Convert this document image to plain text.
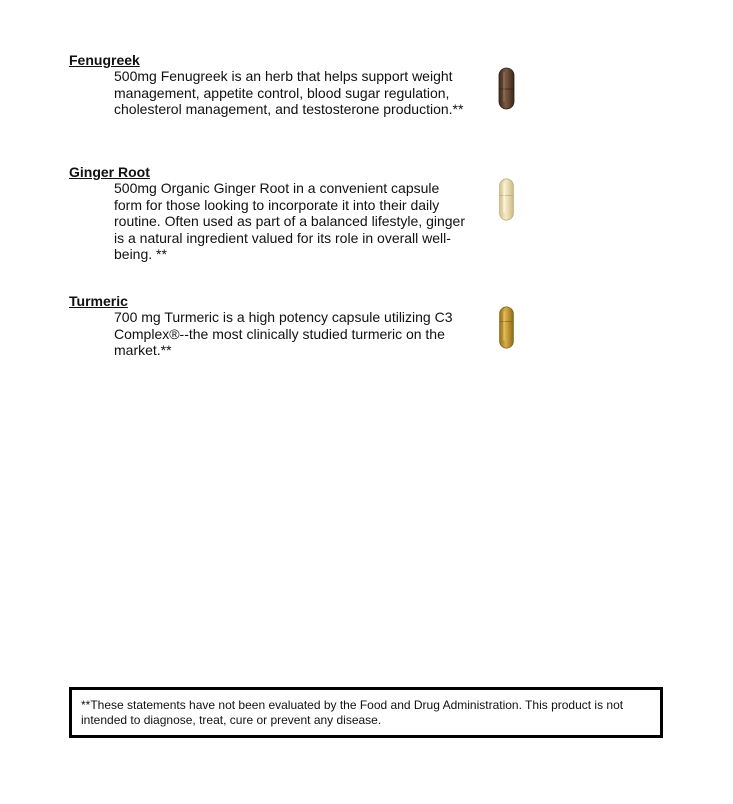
Fenugreek

500mg Fenugreek is an herb that helps support weight management, appetite control, blood sugar regulation, cholesterol management, and testosterone production.**

Ginger Root

500mg Organic Ginger Root in a convenient capsule form for those looking to incorporate it into their daily routine. Often used as part of a balanced lifestyle, ginger is a natural ingredient valued for its role in overall well-being. **

Turmeric

700 mg Turmeric is a high potency capsule utilizing C3 Complex®--the most clinically studied turmeric on the market.**

**These statements have not been evaluated by the Food and Drug Administration. This product is not intended to diagnose, treat, cure or prevent any disease.
